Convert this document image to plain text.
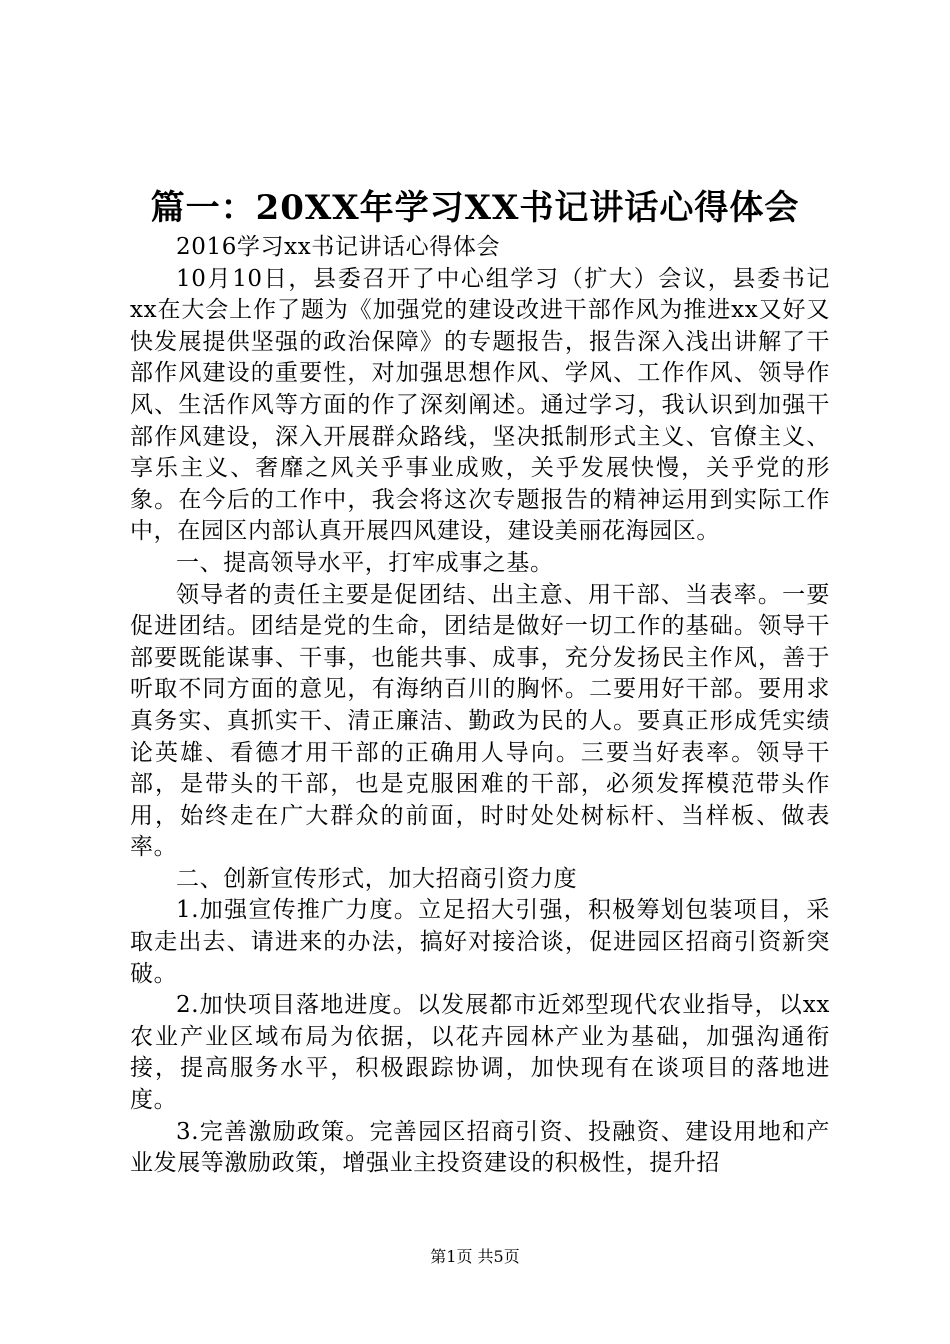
篇一：20XX年学习XX书记讲话心得体会

2016学习xx书记讲话心得体会

10月10日，县委召开了中心组学习（扩大）会议，县委书记xx在大会上作了题为《加强党的建设改进干部作风为推进xx又好又快发展提供坚强的政治保障》的专题报告，报告深入浅出讲解了干部作风建设的重要性，对加强思想作风、学风、工作作风、领导作风、生活作风等方面的作了深刻阐述。通过学习，我认识到加强干部作风建设，深入开展群众路线，坚决抵制形式主义、官僚主义、享乐主义、奢靡之风关乎事业成败，关乎发展快慢，关乎党的形象。在今后的工作中，我会将这次专题报告的精神运用到实际工作中，在园区内部认真开展四风建设，建设美丽花海园区。

一、提高领导水平，打牢成事之基。

领导者的责任主要是促团结、出主意、用干部、当表率。一要促进团结。团结是党的生命，团结是做好一切工作的基础。领导干部要既能谋事、干事，也能共事、成事，充分发扬民主作风，善于听取不同方面的意见，有海纳百川的胸怀。二要用好干部。要用求真务实、真抓实干、清正廉洁、勤政为民的人。要真正形成凭实绩论英雄、看德才用干部的正确用人导向。三要当好表率。领导干部，是带头的干部，也是克服困难的干部，必须发挥模范带头作用，始终走在广大群众的前面，时时处处树标杆、当样板、做表率。

二、创新宣传形式，加大招商引资力度

1.加强宣传推广力度。立足招大引强，积极筹划包装项目，采取走出去、请进来的办法，搞好对接洽谈，促进园区招商引资新突破。

2.加快项目落地进度。以发展都市近郊型现代农业指导，以xx农业产业区域布局为依据，以花卉园林产业为基础，加强沟通衔接，提高服务水平，积极跟踪协调，加快现有在谈项目的落地进度。

3.完善激励政策。完善园区招商引资、投融资、建设用地和产业发展等激励政策，增强业主投资建设的积极性，提升招

第1页 共5页
